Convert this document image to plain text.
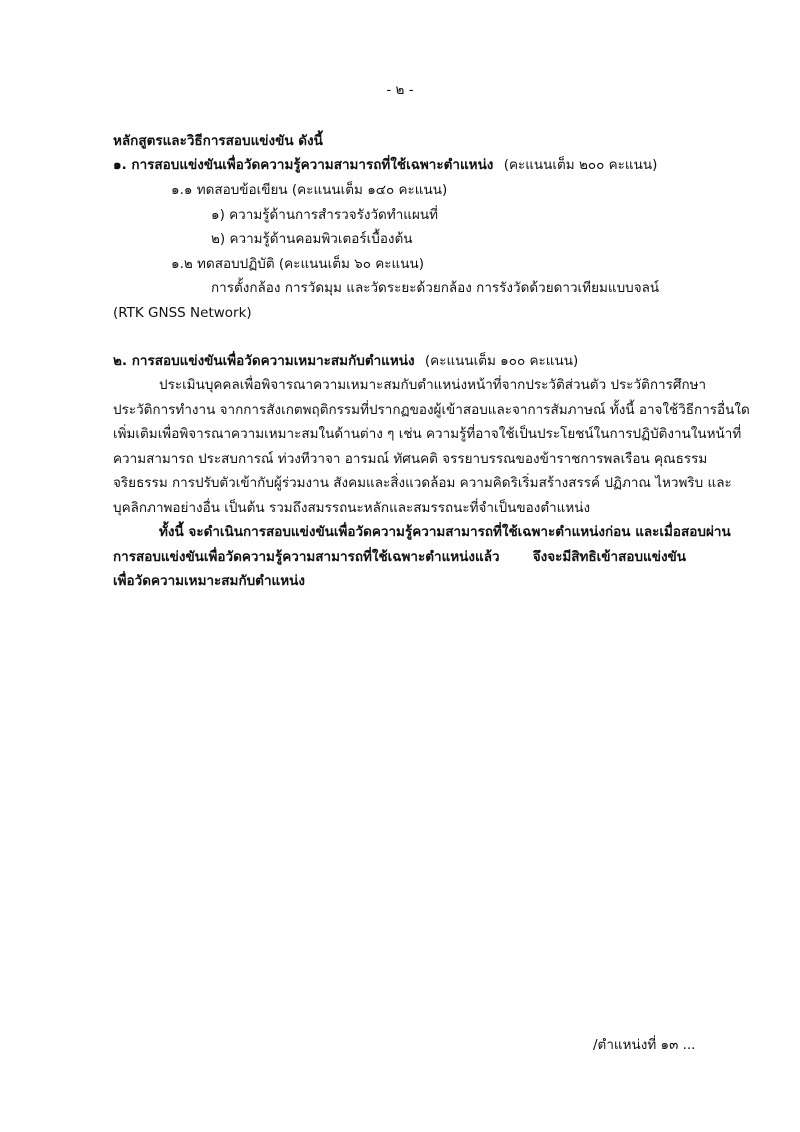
- ๒ -
หลักสูตรและวิธีการสอบแข่งขัน ดังนี้
๑. การสอบแข่งขันเพื่อวัดความรู้ความสามารถที่ใช้เฉพาะตำแหน่ง (คะแนนเต็ม ๒๐๐ คะแนน)
๑.๑ ทดสอบข้อเขียน (คะแนนเต็ม ๑๔๐ คะแนน)
๑) ความรู้ด้านการสำรวจรังวัดทำแผนที่
๒) ความรู้ด้านคอมพิวเตอร์เบื้องต้น
๑.๒ ทดสอบปฏิบัติ (คะแนนเต็ม ๖๐ คะแนน)
การตั้งกล้อง การวัดมุม และวัดระยะด้วยกล้อง การรังวัดด้วยดาวเทียมแบบจลน์
(RTK GNSS Network)
๒. การสอบแข่งขันเพื่อวัดความเหมาะสมกับตำแหน่ง (คะแนนเต็ม ๑๐๐ คะแนน)
ประเมินบุคคลเพื่อพิจารณาความเหมาะสมกับตำแหน่งหน้าที่จากประวัติส่วนตัว ประวัติการศึกษา
ประวัติการทำงาน จากการสังเกตพฤติกรรมที่ปรากฏของผู้เข้าสอบและจาการสัมภาษณ์ ทั้งนี้ อาจใช้วิธีการอื่นใด
เพิ่มเติมเพื่อพิจารณาความเหมาะสมในด้านต่าง ๆ เช่น ความรู้ที่อาจใช้เป็นประโยชน์ในการปฏิบัติงานในหน้าที่
ความสามารถ ประสบการณ์ ท่วงทีวาจา อารมณ์ ทัศนคติ จรรยาบรรณของข้าราชการพลเรือน คุณธรรม
จริยธรรม การปรับตัวเข้ากับผู้ร่วมงาน สังคมและสิ่งแวดล้อม ความคิดริเริ่มสร้างสรรค์ ปฏิภาณ ไหวพริบ และ
บุคลิกภาพอย่างอื่น เป็นต้น รวมถึงสมรรถนะหลักและสมรรถนะที่จำเป็นของตำแหน่ง
ทั้งนี้ จะดำเนินการสอบแข่งขันเพื่อวัดความรู้ความสามารถที่ใช้เฉพาะตำแหน่งก่อน และเมื่อสอบผ่าน
การสอบแข่งขันเพื่อวัดความรู้ความสามารถที่ใช้เฉพาะตำแหน่งแล้ว จึงจะมีสิทธิเข้าสอบแข่งขัน
เพื่อวัดความเหมาะสมกับตำแหน่ง
/ตำแหน่งที่ ๑๓ ...
